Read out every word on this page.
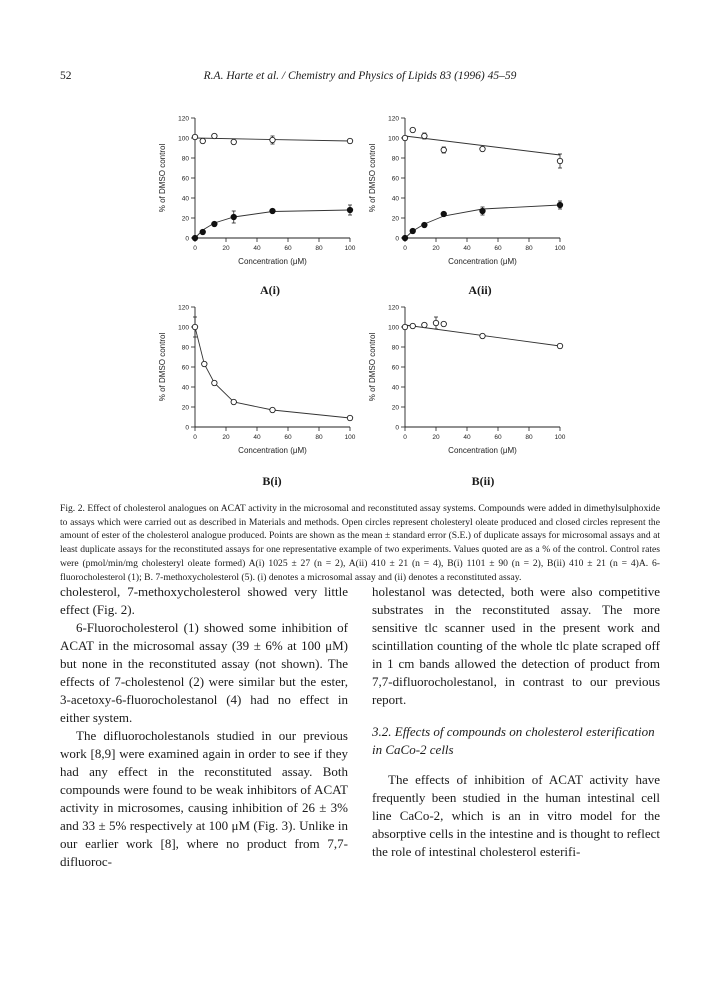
52	R.A. Harte et al. / Chemistry and Physics of Lipids 83 (1996) 45–59
0
20
40
60
80
100
120
0	20	40	60	80	100
Concentration (μM)
% of DMSO control
0
20
40
60
80
100
120
0	20	40	60	80	100
Concentration (μM)
% of DMSO control
0
20
40
60
80
100
120
0	20	40	60	80	100
Concentration (μM)
% of DMSO control
0
20
40
60
80
100
120
0	20	40	60	80	100
Concentration (μM)
% of DMSO control
A(i)	A(ii)
B(i)	B(ii)
Fig. 2. Effect of cholesterol analogues on ACAT activity in the microsomal and reconstituted assay systems. Compounds were added in dimethylsulphoxide to assays which were carried out as described in Materials and methods. Open circles represent cholesteryl oleate produced and closed circles represent the amount of ester of the cholesterol analogue produced. Points are shown as the mean ± standard error (S.E.) of duplicate assays for microsomal assays and at least duplicate assays for the reconstituted assays for one representative example of two experiments. Values quoted are as a % of the control. Control rates were (pmol/min/mg cholesteryl oleate formed) A(i) 1025 ± 27 (n = 2), A(ii) 410 ± 21 (n = 4), B(i) 1101 ± 90 (n = 2), B(ii) 410 ± 21 (n = 4)A. 6-fluorocholesterol (1); B. 7-methoxycholesterol (5). (i) denotes a microsomal assay and (ii) denotes a reconstituted assay.

cholesterol, 7-methoxycholesterol showed very little effect (Fig. 2).

6-Fluorocholesterol (1) showed some inhibition of ACAT in the microsomal assay (39 ± 6% at 100 μM) but none in the reconstituted assay (not shown). The effects of 7-cholestenol (2) were similar but the ester, 3-acetoxy-6-fluorocholestanol (4) had no effect in either system.

The difluorocholestanols studied in our previous work [8,9] were examined again in order to see if they had any effect in the reconstituted assay. Both compounds were found to be weak inhibitors of ACAT activity in microsomes, causing inhibition of 26 ± 3% and 33 ± 5% respectively at 100 μM (Fig. 3). Unlike in our earlier work [8], where no product from 7,7-difluoroc-

holestanol was detected, both were also competitive substrates in the reconstituted assay. The more sensitive tlc scanner used in the present work and scintillation counting of the whole tlc plate scraped off in 1 cm bands allowed the detection of product from 7,7-difluorocholestanol, in contrast to our previous report.

3.2. Effects of compounds on cholesterol esterification in CaCo-2 cells

The effects of inhibition of ACAT activity have frequently been studied in the human intestinal cell line CaCo-2, which is an in vitro model for the absorptive cells in the intestine and is thought to reflect the role of intestinal cholesterol esterifi-
